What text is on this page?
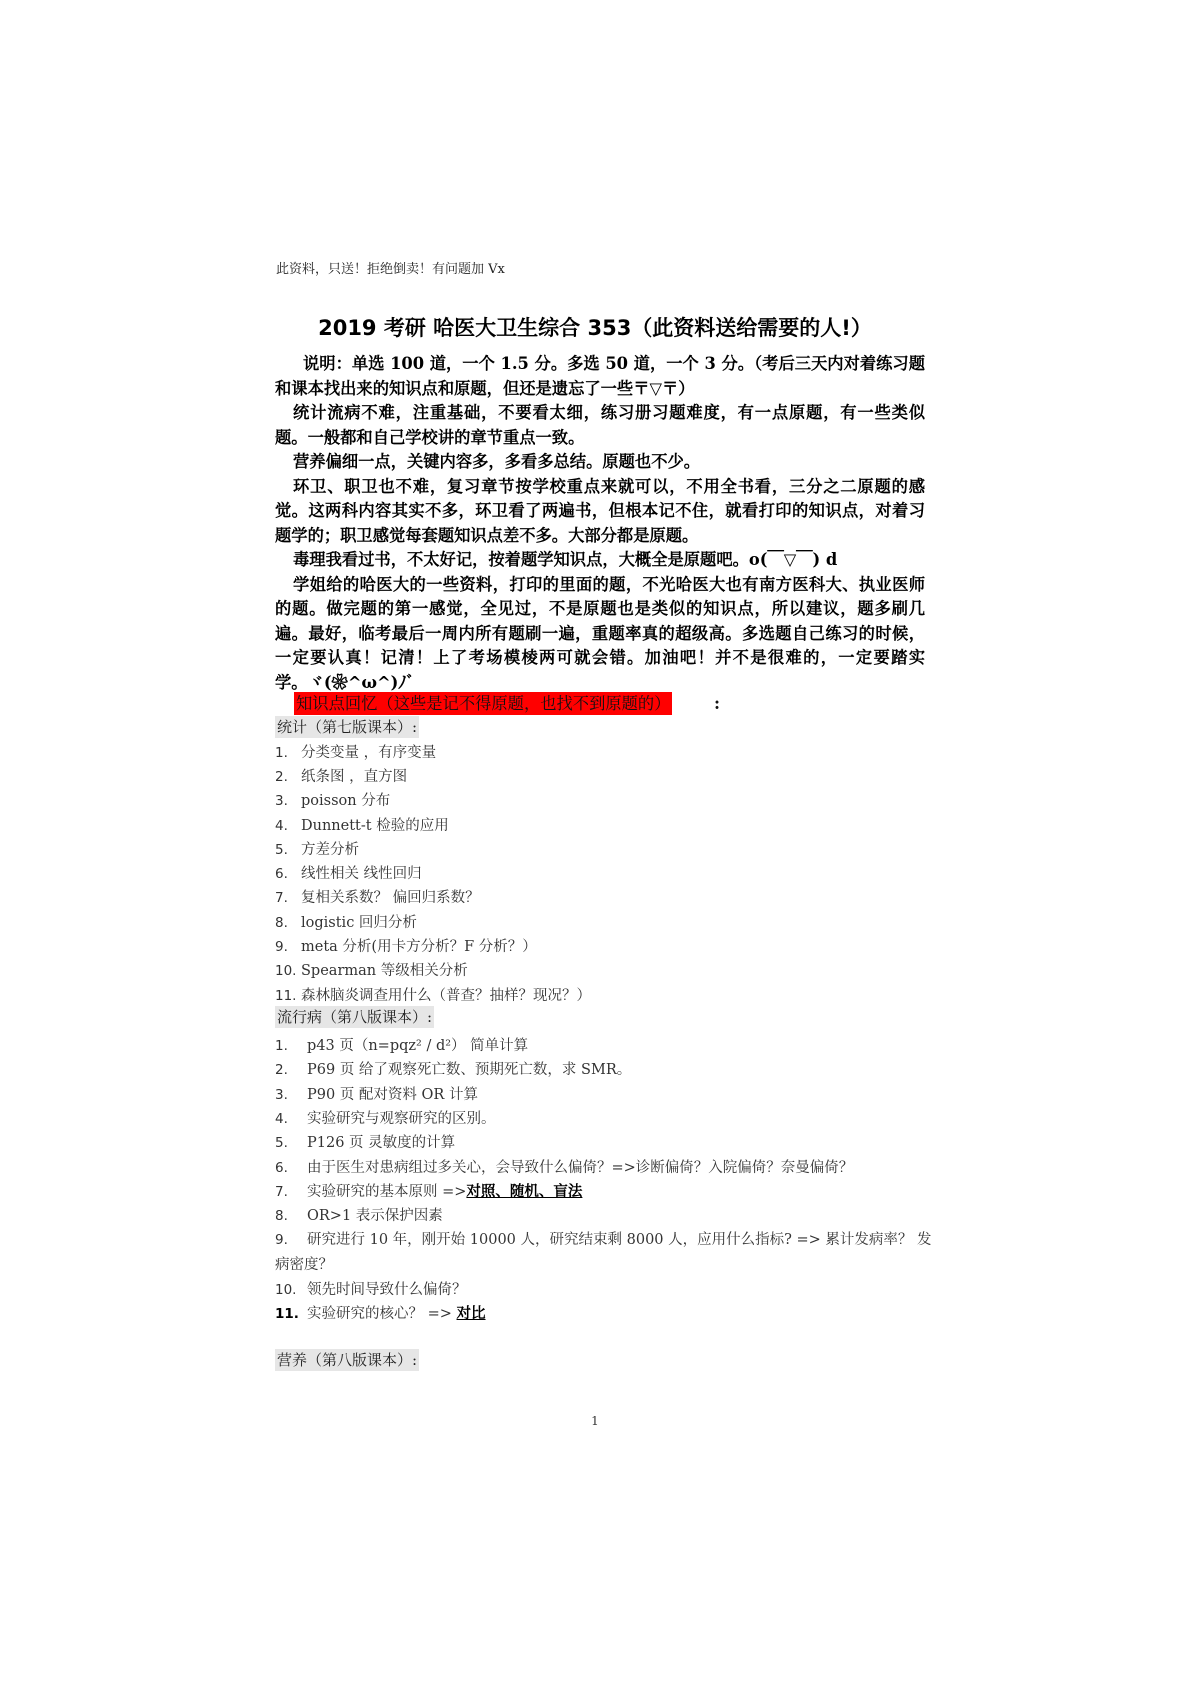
此资料，只送！拒绝倒卖！有问题加 Vx
2019 考研 哈医大卫生综合 353（此资料送给需要的人!）

说明：单选 100 道，一个 1.5 分。多选 50 道，一个 3 分。（考后三天内对着练习题和课本找出来的知识点和原题，但还是遗忘了一些〒▽〒）

统计流病不难，注重基础，不要看太细，练习册习题难度，有一点原题，有一些类似题。一般都和自己学校讲的章节重点一致。

营养偏细一点，关键内容多，多看多总结。原题也不少。

环卫、职卫也不难，复习章节按学校重点来就可以，不用全书看，三分之二原题的感觉。这两科内容其实不多，环卫看了两遍书，但根本记不住，就看打印的知识点，对着习题学的；职卫感觉每套题知识点差不多。大部分都是原题。

毒理我看过书，不太好记，按着题学知识点，大概全是原题吧。o(￣▽￣) d

学姐给的哈医大的一些资料，打印的里面的题，不光哈医大也有南方医科大、执业医师的题。做完题的第一感觉，全见过，不是原题也是类似的知识点，所以建议，题多刷几遍。最好，临考最后一周内所有题刷一遍，重题率真的超级高。多选题自己练习的时候，一定要认真！记清！上了考场模棱两可就会错。加油吧！并不是很难的，一定要踏实学。ヾ(❀^ω^)ﾉﾞ

知识点回忆（这些是记不得原题，也找不到原题的）	:
统计（第七版课本）:
1. 分类变量 ，有序变量
2. 纸条图 ，直方图
3. poisson 分布
4. Dunnett-t 检验的应用
5. 方差分析
6. 线性相关 线性回归
7. 复相关系数？ 偏回归系数？
8. logistic 回归分析
9. meta 分析(用卡方分析？F 分析？）
10. Spearman 等级相关分析
11. 森林脑炎调查用什么（普查？抽样？现况？）
流行病（第八版课本）:
1. p43 页（n=pqz² / d²） 简单计算
2. P69 页 给了观察死亡数、预期死亡数，求 SMR。
3. P90 页 配对资料 OR 计算
4. 实验研究与观察研究的区别。
5. P126 页 灵敏度的计算
6. 由于医生对患病组过多关心，会导致什么偏倚？=>诊断偏倚？入院偏倚？奈曼偏倚？
7. 实验研究的基本原则 =>对照、随机、盲法
8. OR>1 表示保护因素
9. 研究进行 10 年，刚开始 10000 人，研究结束剩 8000 人，应用什么指标? => 累计发病率？ 发病密度？
10. 领先时间导致什么偏倚？
11. 实验研究的核心？ => 对比
营养（第八版课本）:
1
